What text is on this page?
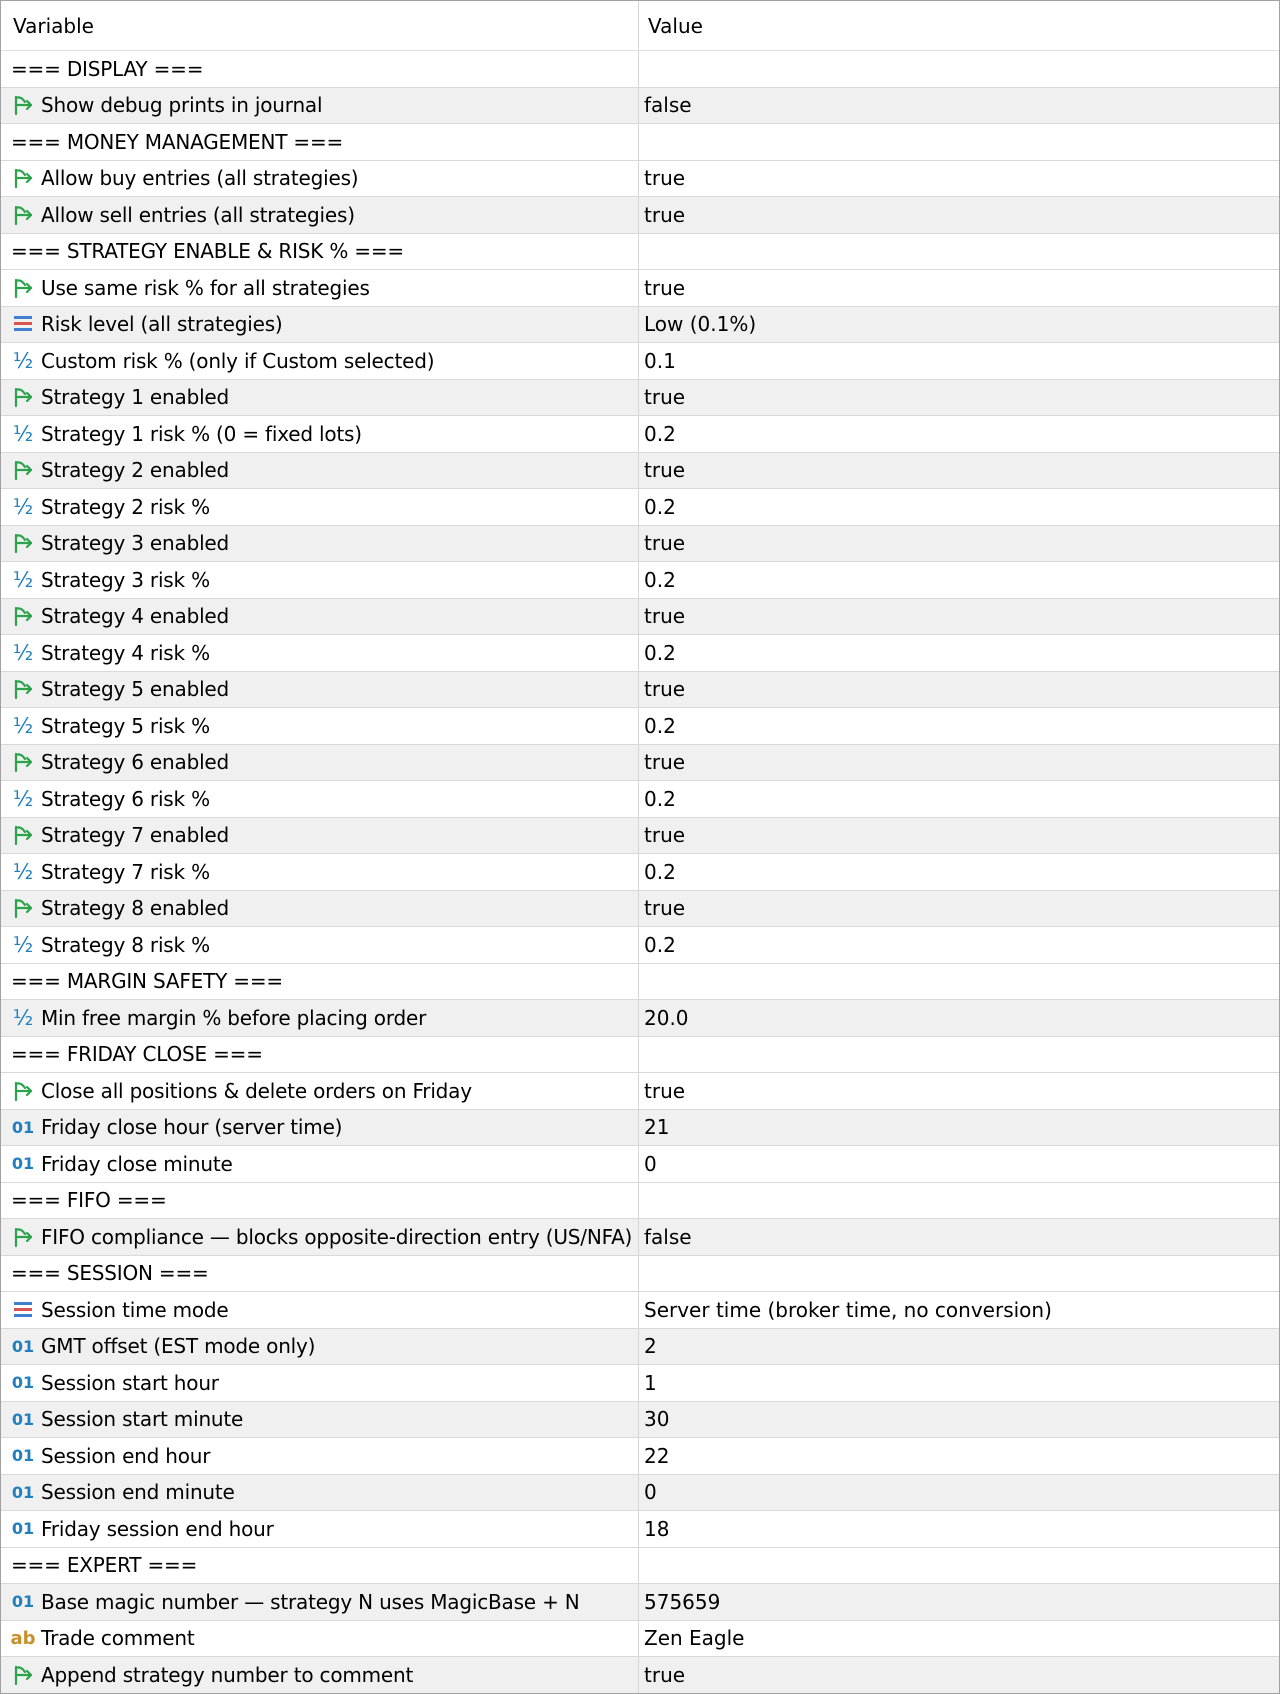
Variable	Value
=== DISPLAY ===
Show debug prints in journal	false
=== MONEY MANAGEMENT ===
Allow buy entries (all strategies)	true
Allow sell entries (all strategies)	true
=== STRATEGY ENABLE & RISK % ===
Use same risk % for all strategies	true
Risk level (all strategies)	Low (0.1%)
½ Custom risk % (only if Custom selected)	0.1
Strategy 1 enabled	true
½ Strategy 1 risk % (0 = fixed lots)	0.2
Strategy 2 enabled	true
½ Strategy 2 risk %	0.2
Strategy 3 enabled	true
½ Strategy 3 risk %	0.2
Strategy 4 enabled	true
½ Strategy 4 risk %	0.2
Strategy 5 enabled	true
½ Strategy 5 risk %	0.2
Strategy 6 enabled	true
½ Strategy 6 risk %	0.2
Strategy 7 enabled	true
½ Strategy 7 risk %	0.2
Strategy 8 enabled	true
½ Strategy 8 risk %	0.2
=== MARGIN SAFETY ===
½ Min free margin % before placing order	20.0
=== FRIDAY CLOSE ===
Close all positions & delete orders on Friday	true
01 Friday close hour (server time)	21
01 Friday close minute	0
=== FIFO ===
FIFO compliance — blocks opposite-direction entry (US/NFA) false
=== SESSION ===
Session time mode	Server time (broker time, no conversion)
01 GMT offset (EST mode only)	2
01 Session start hour	1
01 Session start minute	30
01 Session end hour	22
01 Session end minute	0
01 Friday session end hour	18
=== EXPERT ===
01 Base magic number — strategy N uses MagicBase + N	575659
ab Trade comment	Zen Eagle
Append strategy number to comment	true
